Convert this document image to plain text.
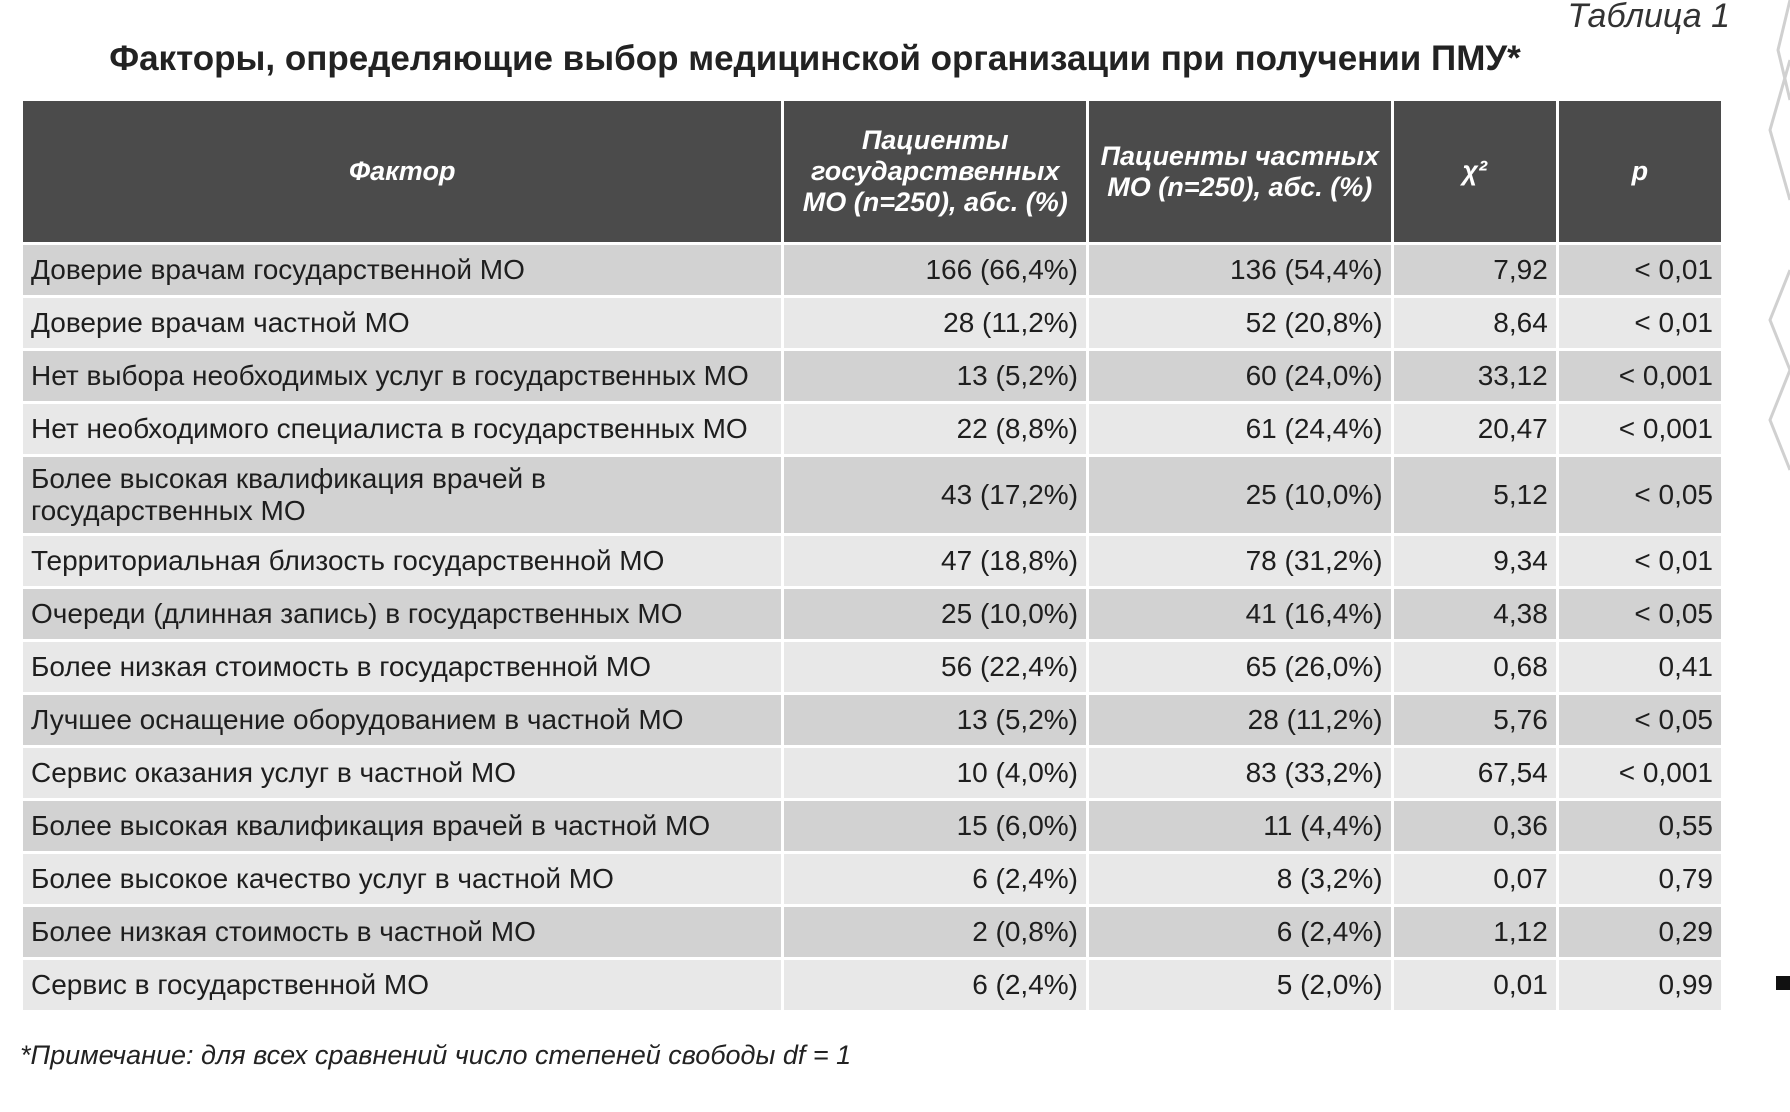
Таблица 1
Факторы, определяющие выбор медицинской организации при получении ПМУ*
Фактор	Пациенты государственных МО (n=250), абс. (%)	Пациенты частных МО (n=250), абс. (%)	χ²	p
Доверие врачам государственной МО	166 (66,4%)	136 (54,4%)	7,92	< 0,01
Доверие врачам частной МО	28 (11,2%)	52 (20,8%)	8,64	< 0,01
Нет выбора необходимых услуг в государственных МО	13 (5,2%)	60 (24,0%)	33,12	< 0,001
Нет необходимого специалиста в государственных МО	22 (8,8%)	61 (24,4%)	20,47	< 0,001
Более высокая квалификация врачей в государственных МО	43 (17,2%)	25 (10,0%)	5,12	< 0,05
Территориальная близость государственной МО	47 (18,8%)	78 (31,2%)	9,34	< 0,01
Очереди (длинная запись) в государственных МО	25 (10,0%)	41 (16,4%)	4,38	< 0,05
Более низкая стоимость в государственной МО	56 (22,4%)	65 (26,0%)	0,68	0,41
Лучшее оснащение оборудованием в частной МО	13 (5,2%)	28 (11,2%)	5,76	< 0,05
Сервис оказания услуг в частной МО	10 (4,0%)	83 (33,2%)	67,54	< 0,001
Более высокая квалификация врачей в частной МО	15 (6,0%)	11 (4,4%)	0,36	0,55
Более высокое качество услуг в частной МО	6 (2,4%)	8 (3,2%)	0,07	0,79
Более низкая стоимость в частной МО	2 (0,8%)	6 (2,4%)	1,12	0,29
Сервис в государственной МО	6 (2,4%)	5 (2,0%)	0,01	0,99
*Примечание: для всех сравнений число степеней свободы df = 1
